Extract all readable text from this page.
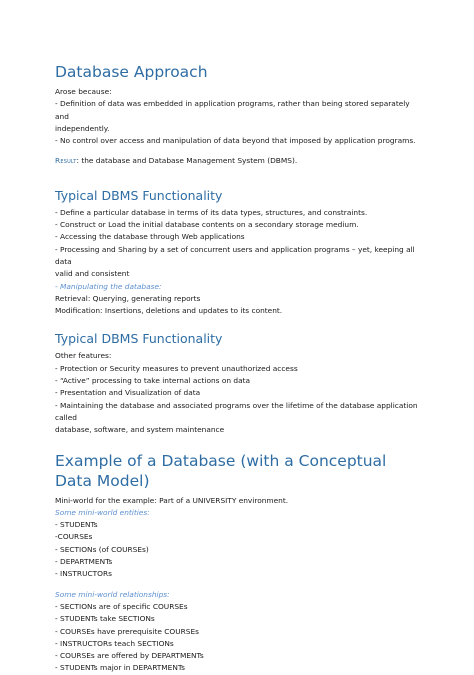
Database Approach

Arose because:

- Definition of data was embedded in application programs, rather than being stored separately and

independently.

- No control over access and manipulation of data beyond that imposed by application programs.

Result: the database and Database Management System (DBMS).

Typical DBMS Functionality

- Define a particular database in terms of its data types, structures, and constraints.

- Construct or Load the initial database contents on a secondary storage medium.

- Accessing the database through Web applications

- Processing and Sharing by a set of concurrent users and application programs – yet, keeping all data

valid and consistent

- Manipulating the database:

Retrieval: Querying, generating reports

Modification: Insertions, deletions and updates to its content.

Typical DBMS Functionality

Other features:

- Protection or Security measures to prevent unauthorized access

- “Active” processing to take internal actions on data

- Presentation and Visualization of data

- Maintaining the database and associated programs over the lifetime of the database application called

database, software, and system maintenance

Example of a Database (with a Conceptual Data Model)

Mini-world for the example: Part of a UNIVERSITY environment.

Some mini-world entities:

- STUDENTs

-COURSEs

- SECTIONs (of COURSEs)

- DEPARTMENTs

- INSTRUCTORs

Some mini-world relationships:

- SECTIONs are of specific COURSEs

- STUDENTs take SECTIONs

- COURSEs have prerequisite COURSEs

- INSTRUCTORs teach SECTIONs

- COURSEs are offered by DEPARTMENTs

- STUDENTs major in DEPARTMENTs
